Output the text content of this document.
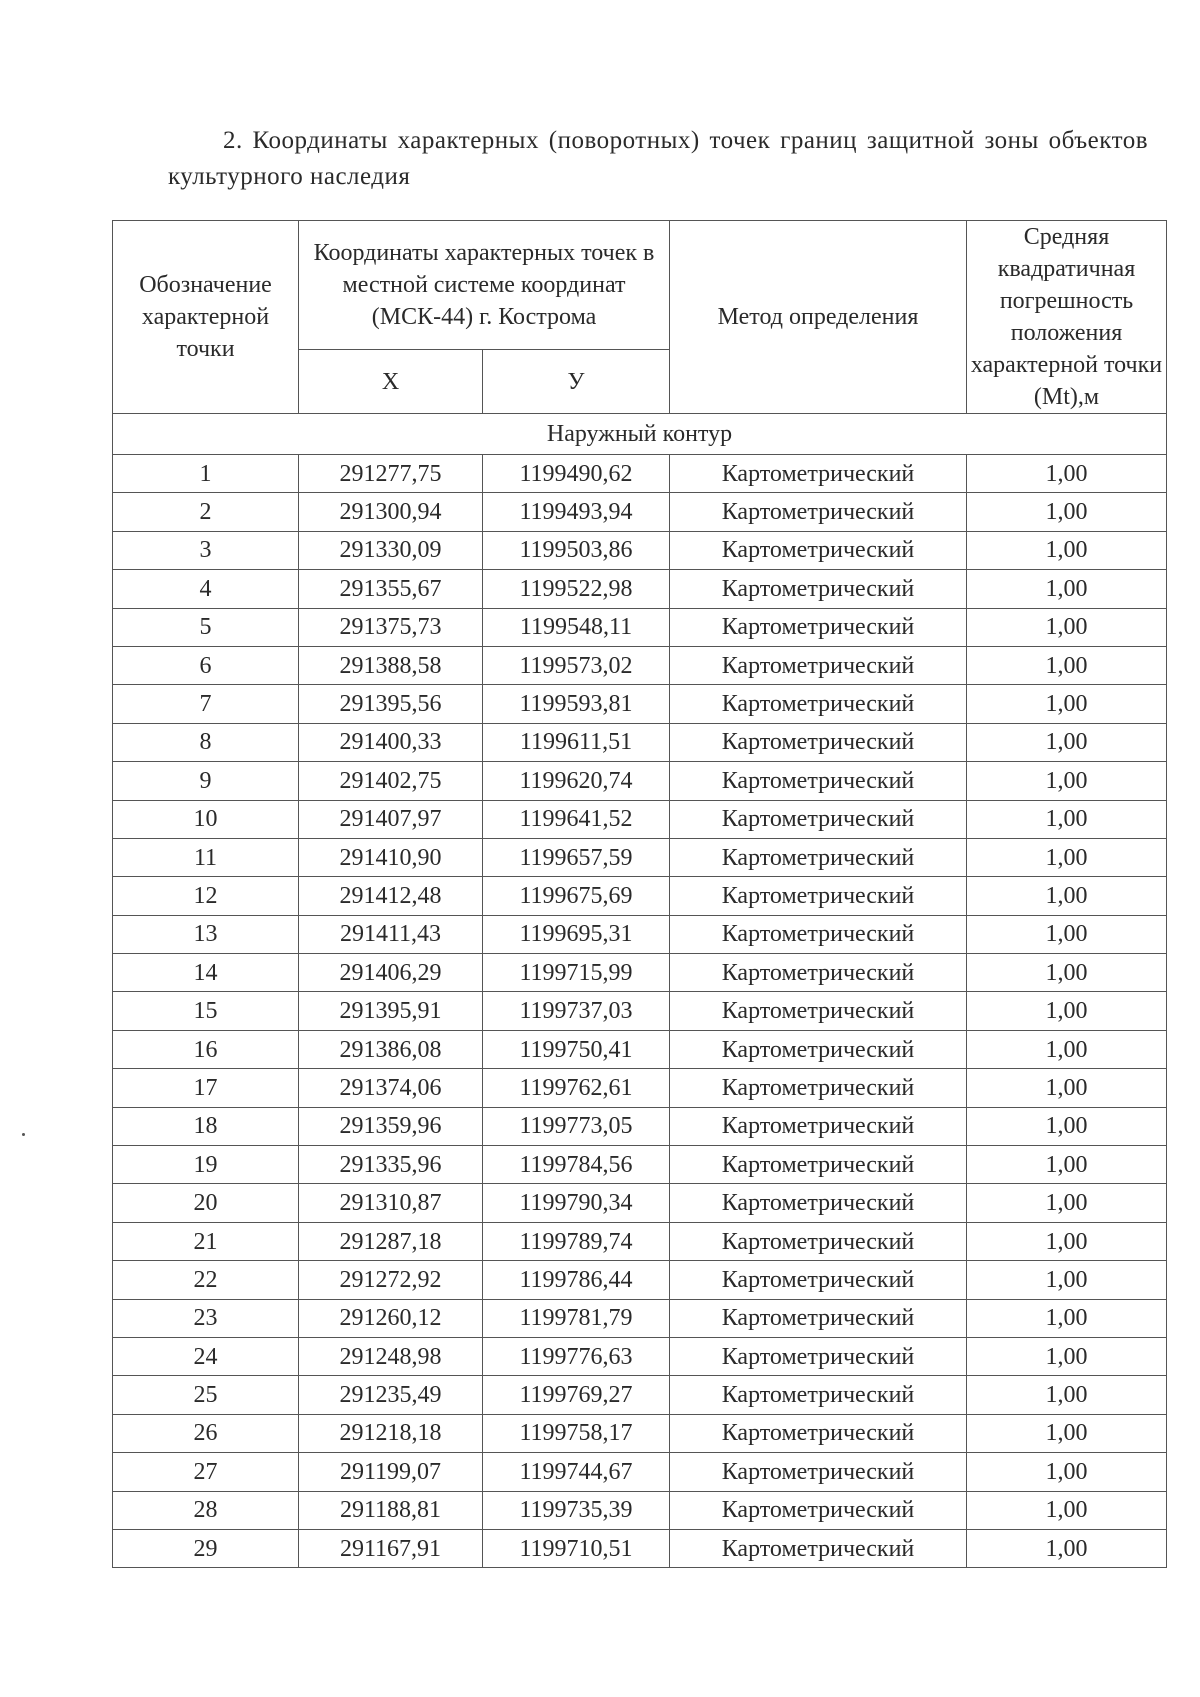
2. Координаты характерных (поворотных) точек границ защитной зоны объектов культурного наследия
Обозначение характерной точки	Координаты характерных точек в местной системе координат (МСК-44) г. Кострома		Метод определения	Средняя квадратичная погрешность положения характерной точки (Mt),м
	Х	У		
Наружный контур				
1	291277,75	1199490,62	Картометрический	1,00
2	291300,94	1199493,94	Картометрический	1,00
3	291330,09	1199503,86	Картометрический	1,00
4	291355,67	1199522,98	Картометрический	1,00
5	291375,73	1199548,11	Картометрический	1,00
6	291388,58	1199573,02	Картометрический	1,00
7	291395,56	1199593,81	Картометрический	1,00
8	291400,33	1199611,51	Картометрический	1,00
9	291402,75	1199620,74	Картометрический	1,00
10	291407,97	1199641,52	Картометрический	1,00
11	291410,90	1199657,59	Картометрический	1,00
12	291412,48	1199675,69	Картометрический	1,00
13	291411,43	1199695,31	Картометрический	1,00
14	291406,29	1199715,99	Картометрический	1,00
15	291395,91	1199737,03	Картометрический	1,00
16	291386,08	1199750,41	Картометрический	1,00
17	291374,06	1199762,61	Картометрический	1,00
18	291359,96	1199773,05	Картометрический	1,00
19	291335,96	1199784,56	Картометрический	1,00
20	291310,87	1199790,34	Картометрический	1,00
21	291287,18	1199789,74	Картометрический	1,00
22	291272,92	1199786,44	Картометрический	1,00
23	291260,12	1199781,79	Картометрический	1,00
24	291248,98	1199776,63	Картометрический	1,00
25	291235,49	1199769,27	Картометрический	1,00
26	291218,18	1199758,17	Картометрический	1,00
27	291199,07	1199744,67	Картометрический	1,00
28	291188,81	1199735,39	Картометрический	1,00
29	291167,91	1199710,51	Картометрический	1,00
